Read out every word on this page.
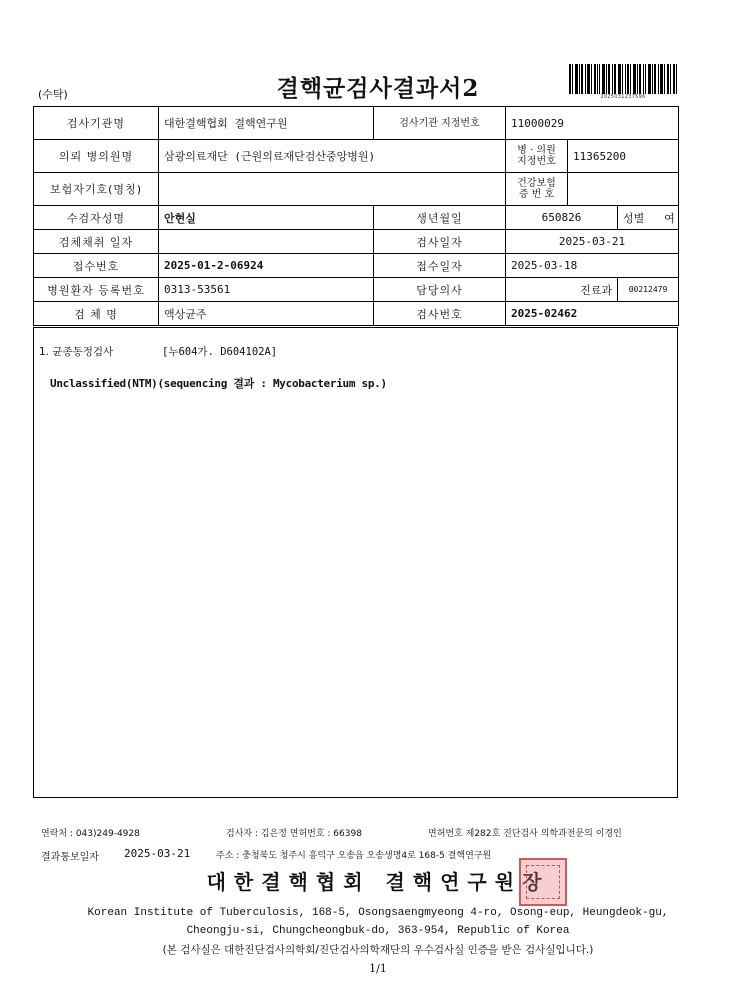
(수탁)	결핵균검사결과서2	2025031237596
검사기관명	대한결핵협회 결핵연구원	검사기관 지정번호	11000029		
의뢰 병의원명	삼광의료재단 (근원의료재단검산중앙병원)		병 · 의원 지정번호	11365200	
보험자기호(명칭)			건강보험 증 번 호		
수검자성명	안현실	생년월일	650826		성별 여
검체채취 일자		검사일자	2025-03-21		
접수번호	2025-01-2-06924	접수일자	2025-03-18		
병원환자 등록번호	0313-53561	담당의사	진료과		00212479
검 체 명	액상균주	검사번호	2025-02462		
1. 균종동정검사	[누604가. D604102A]
Unclassified(NTM)(sequencing 결과 : Mycobacterium sp.)
연락처 : 043)249-4928	검사자 : 김은정 면허번호 : 66398	면허번호 제282호 진단검사 의학과전문의 이경인
결과통보일자 2025-03-21	주소 : 충청북도 청주시 흥덕구 오송읍 오송생명4로 168-5 결핵연구원
대한결핵협회 결핵연구원장
Korean Institute of Tuberculosis, 168-5, Osongsaengmyeong 4-ro, Osong-eup, Heungdeok-gu,
Cheongju-si, Chungcheongbuk-do, 363-954, Republic of Korea
(본 검사실은 대한진단검사의학회/진단검사의학재단의 우수검사실 인증을 받은 검사실입니다.)
1/1
